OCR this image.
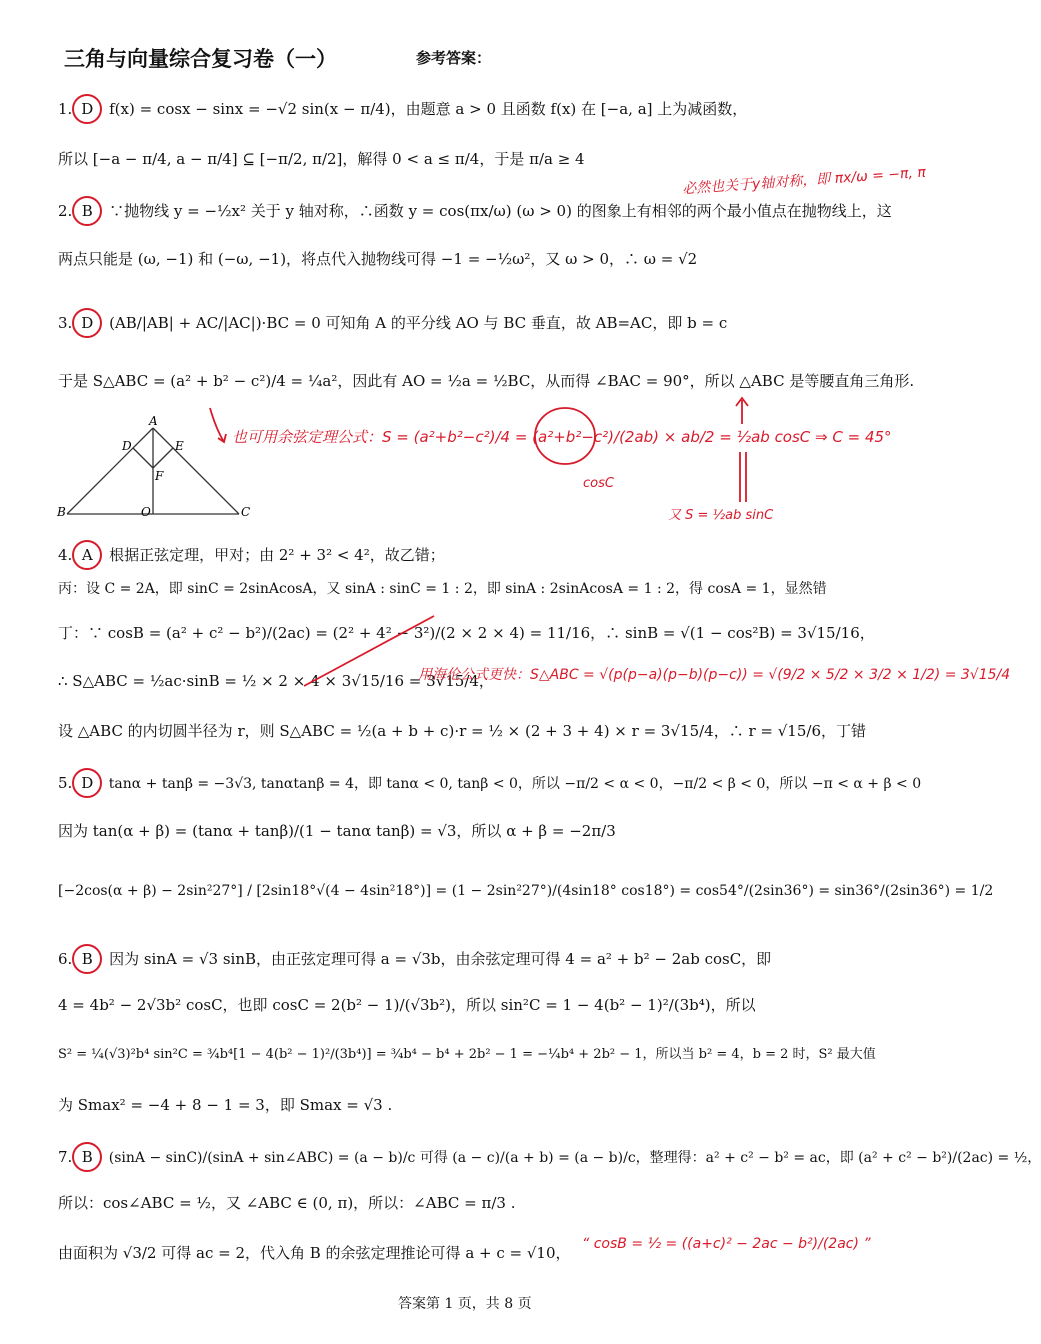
三角与向量综合复习卷（一）	参考答案：
1. D f(x) = cosx − sinx = −√2 sin(x − π/4)，由题意 a > 0 且函数 f(x) 在 [−a, a] 上为减函数，
所以 [−a − π/4, a − π/4] ⊆ [−π/2, π/2]，解得 0 < a ≤ π/4，于是 π/a ≥ 4
必然也关于y轴对称，即 πx/ω = −π, π
2. B ∵抛物线 y = −½x² 关于 y 轴对称，∴函数 y = cos(πx/ω) (ω > 0) 的图象上有相邻的两个最小值点在抛物线上，这
两点只能是 (ω, −1) 和 (−ω, −1)，将点代入抛物线可得 −1 = −½ω²，又 ω > 0，∴ ω = √2
3. D (AB/|AB| + AC/|AC|)·BC = 0 可知角 A 的平分线 AO 与 BC 垂直，故 AB=AC，即 b = c
于是 S△ABC = (a² + b² − c²)/4 = ¼a²，因此有 AO = ½a = ½BC，从而得 ∠BAC = 90°，所以 △ABC 是等腰直角三角形.
A
D	E
F
B	O	C
也可用余弦定理公式：S = (a²+b²−c²)/4 = (a²+b²−c²)/(2ab) × ab/2 = ½ab cosC ⇒ C = 45°
cosC
又 S = ½ab sinC
4. A 根据正弦定理，甲对；由 2² + 3² < 4²，故乙错；
丙：设 C = 2A，即 sinC = 2sinAcosA，又 sinA : sinC = 1 : 2，即 sinA : 2sinAcosA = 1 : 2，得 cosA = 1，显然错
丁：∵ cosB = (a² + c² − b²)/(2ac) = (2² + 4² − 3²)/(2 × 2 × 4) = 11/16，∴ sinB = √(1 − cos²B) = 3√15/16，
∴ S△ABC = ½ac·sinB = ½ × 2 × 4 × 3√15/16 = 3√15/4，
用海伦公式更快：S△ABC = √(p(p−a)(p−b)(p−c)) = √(9/2 × 5/2 × 3/2 × 1/2) = 3√15/4
设 △ABC 的内切圆半径为 r，则 S△ABC = ½(a + b + c)·r = ½ × (2 + 3 + 4) × r = 3√15/4，∴ r = √15/6，丁错
5. D tanα + tanβ = −3√3, tanαtanβ = 4，即 tanα < 0, tanβ < 0，所以 −π/2 < α < 0，−π/2 < β < 0，所以 −π < α + β < 0
因为 tan(α + β) = (tanα + tanβ)/(1 − tanα tanβ) = √3，所以 α + β = −2π/3
[−2cos(α + β) − 2sin²27°] / [2sin18°√(4 − 4sin²18°)] = (1 − 2sin²27°)/(4sin18° cos18°) = cos54°/(2sin36°) = sin36°/(2sin36°) = 1/2
6. B 因为 sinA = √3 sinB，由正弦定理可得 a = √3b，由余弦定理可得 4 = a² + b² − 2ab cosC，即
4 = 4b² − 2√3b² cosC，也即 cosC = 2(b² − 1)/(√3b²)，所以 sin²C = 1 − 4(b² − 1)²/(3b⁴)，所以
S² = ¼(√3)²b⁴ sin²C = ¾b⁴[1 − 4(b² − 1)²/(3b⁴)] = ¾b⁴ − b⁴ + 2b² − 1 = −¼b⁴ + 2b² − 1，所以当 b² = 4，b = 2 时，S² 最大值
为 Smax² = −4 + 8 − 1 = 3，即 Smax = √3 .
7. B (sinA − sinC)/(sinA + sin∠ABC) = (a − b)/c 可得 (a − c)/(a + b) = (a − b)/c，整理得：a² + c² − b² = ac，即 (a² + c² − b²)/(2ac) = ½，
所以：cos∠ABC = ½，又 ∠ABC ∈ (0, π)，所以：∠ABC = π/3 .
由面积为 √3/2 可得 ac = 2，代入角 B 的余弦定理推论可得 a + c = √10， “ cosB = ½ = ((a+c)² − 2ac − b²)/(2ac) ”
答案第 1 页，共 8 页
